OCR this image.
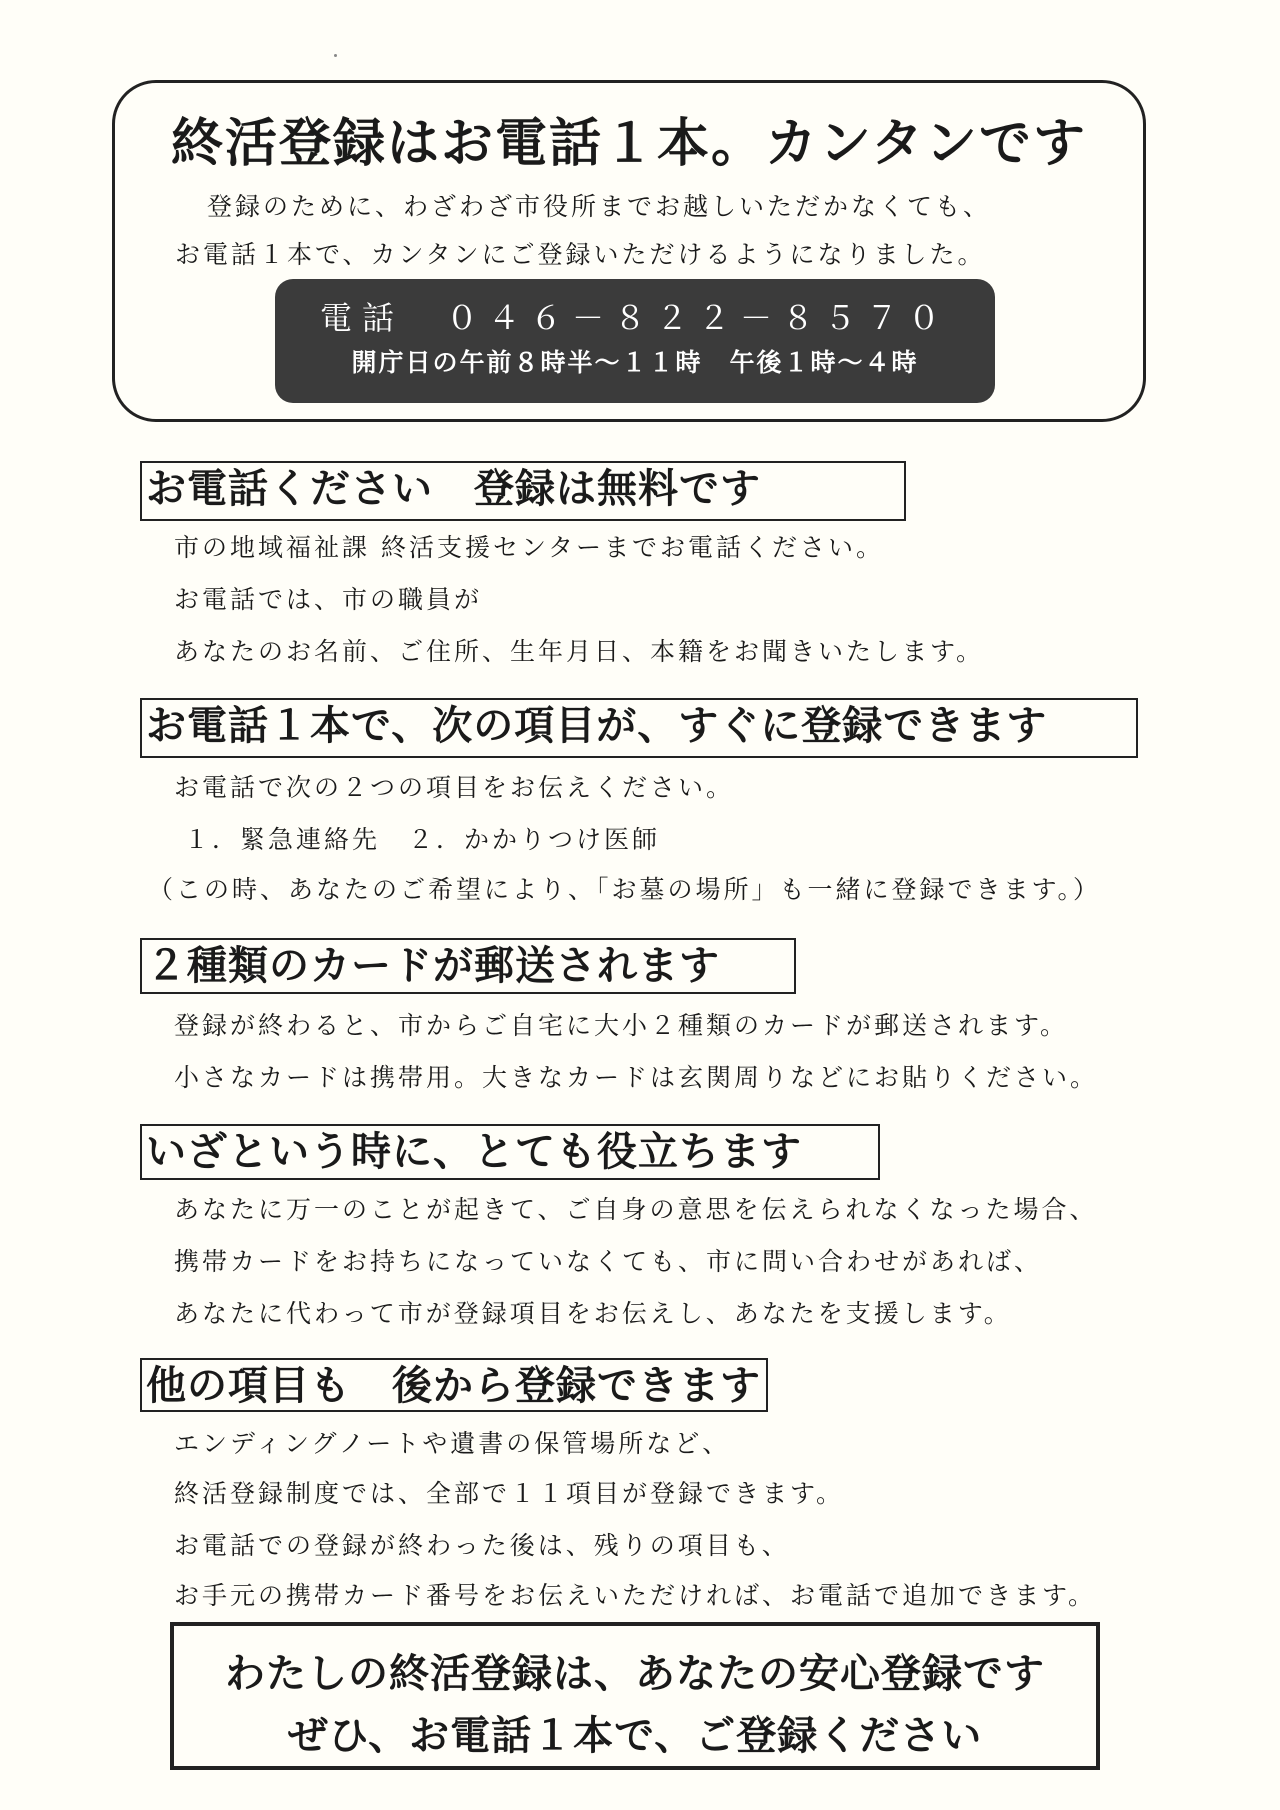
終活登録はお電話１本。カンタンです
登録のために、わざわざ市役所までお越しいただかなくても、
お電話１本で、カンタンにご登録いただけるようになりました。
電話　０４６－８２２－８５７０
開庁日の午前８時半～１１時　午後１時～４時
お電話ください　登録は無料です
市の地域福祉課 終活支援センターまでお電話ください。
お電話では、市の職員が
あなたのお名前、ご住所、生年月日、本籍をお聞きいたします。
お電話１本で、次の項目が、すぐに登録できます
お電話で次の２つの項目をお伝えください。
１．緊急連絡先　２．かかりつけ医師
（この時、あなたのご希望により、「お墓の場所」も一緒に登録できます。）
２種類のカードが郵送されます
登録が終わると、市からご自宅に大小２種類のカードが郵送されます。
小さなカードは携帯用。大きなカードは玄関周りなどにお貼りください。
いざという時に、とても役立ちます
あなたに万一のことが起きて、ご自身の意思を伝えられなくなった場合、
携帯カードをお持ちになっていなくても、市に問い合わせがあれば、
あなたに代わって市が登録項目をお伝えし、あなたを支援します。
他の項目も　後から登録できます
エンディングノートや遺書の保管場所など、
終活登録制度では、全部で１１項目が登録できます。
お電話での登録が終わった後は、残りの項目も、
お手元の携帯カード番号をお伝えいただければ、お電話で追加できます。
わたしの終活登録は、あなたの安心登録です
ぜひ、お電話１本で、ご登録ください
